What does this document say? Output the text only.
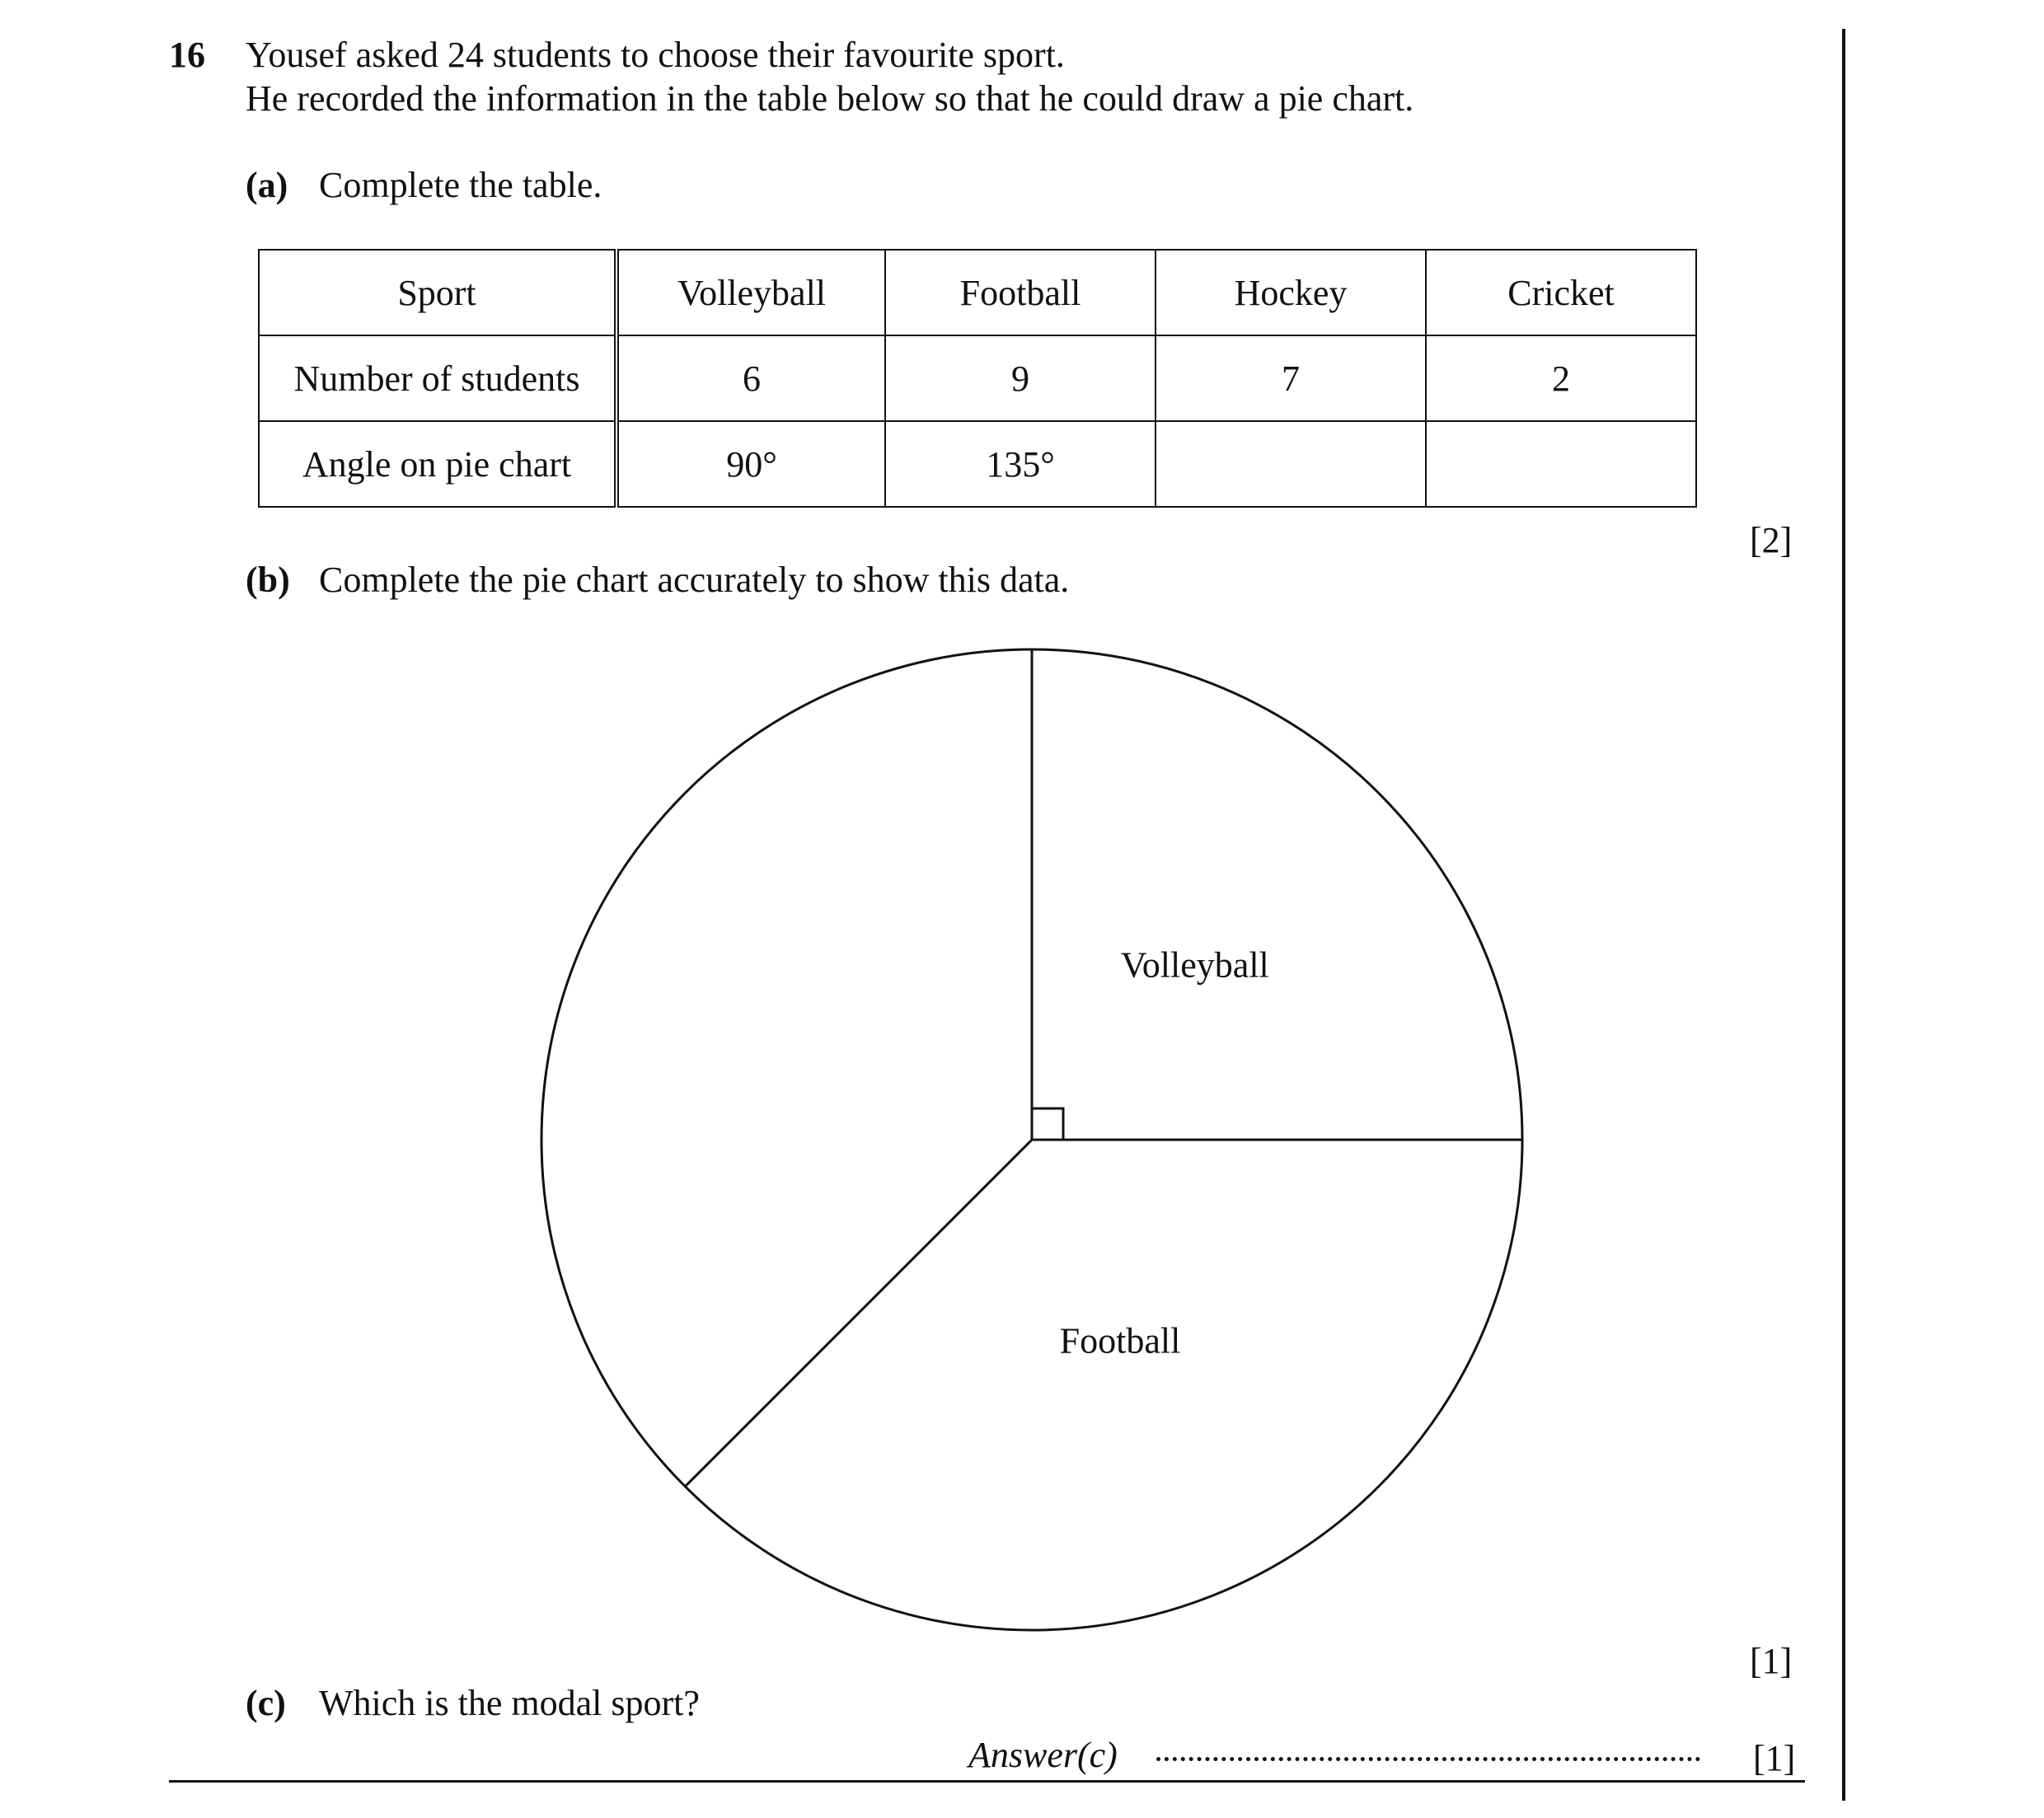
16 Yousef asked 24 students to choose their favourite sport.
He recorded the information in the table below so that he could draw a pie chart.
(a) Complete the table.
Sport	Volleyball	Football	Hockey	Cricket
Number of students	6	9	7	2
Angle on pie chart	90°	135°		
[2]
(b) Complete the pie chart accurately to show this data.
Volleyball
Football
[1]
(c) Which is the modal sport?
Answer(c)	[1]
